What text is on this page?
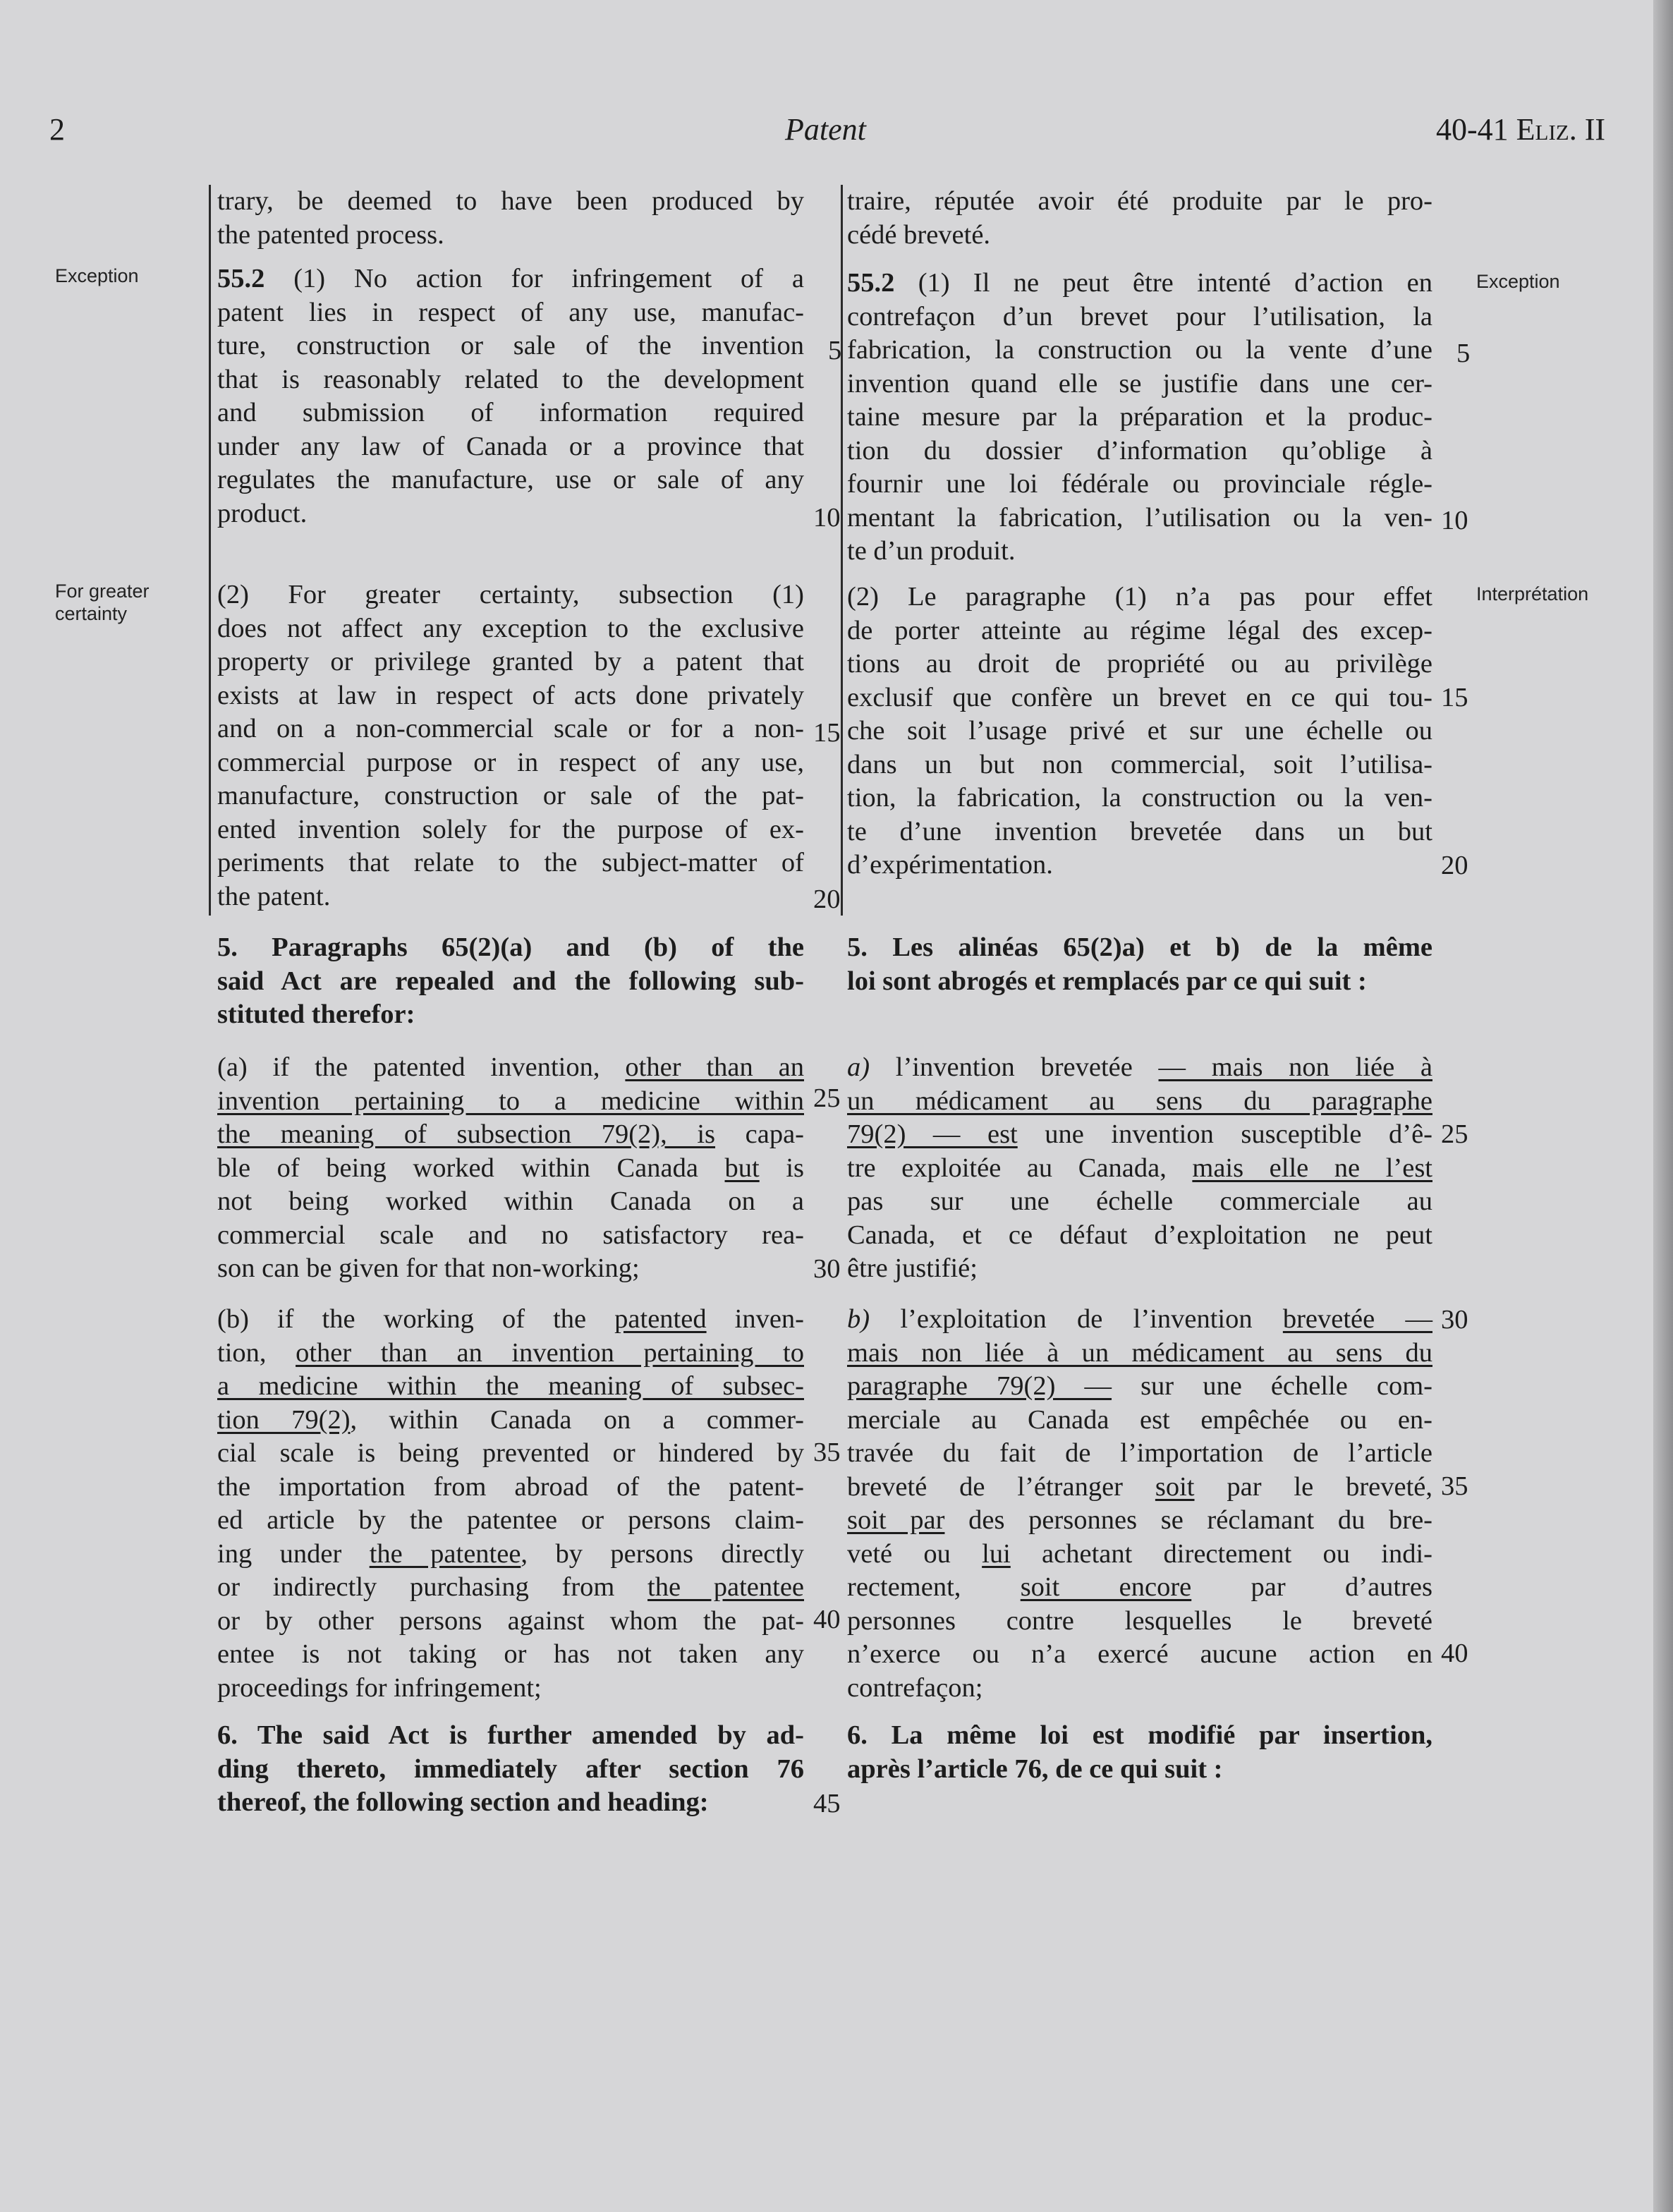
2	Patent	40-41 Eliz. II
Exception
For greater
certainty
Exception
Interprétation
5
10
15
20
25
30
35
40
45
5
10
15
20
25
30
35
40

trary, be deemed to have been produced by

the patented process.

55.2 (1) No action for infringement of a

patent lies in respect of any use, manufac-

ture, construction or sale of the invention

that is reasonably related to the development

and submission of information required

under any law of Canada or a province that

regulates the manufacture, use or sale of any

product.

(2) For greater certainty, subsection (1)

does not affect any exception to the exclusive

property or privilege granted by a patent that

exists at law in respect of acts done privately

and on a non-commercial scale or for a non-

commercial purpose or in respect of any use,

manufacture, construction or sale of the pat-

ented invention solely for the purpose of ex-

periments that relate to the subject-matter of

the patent.

5. Paragraphs 65(2)(a) and (b) of the

said Act are repealed and the following sub-

stituted therefor:

(a) if the patented invention, other than an

invention pertaining to a medicine within

the meaning of subsection 79(2), is capa-

ble of being worked within Canada but is

not being worked within Canada on a

commercial scale and no satisfactory rea-

son can be given for that non-working;

(b) if the working of the patented inven-

tion, other than an invention pertaining to

a medicine within the meaning of subsec-

tion 79(2), within Canada on a commer-

cial scale is being prevented or hindered by

the importation from abroad of the patent-

ed article by the patentee or persons claim-

ing under the patentee, by persons directly

or indirectly purchasing from the patentee

or by other persons against whom the pat-

entee is not taking or has not taken any

proceedings for infringement;

6. The said Act is further amended by ad-

ding thereto, immediately after section 76

thereof, the following section and heading:

traire, réputée avoir été produite par le pro-

cédé breveté.

55.2 (1) Il ne peut être intenté d’action en

contrefaçon d’un brevet pour l’utilisation, la

fabrication, la construction ou la vente d’une

invention quand elle se justifie dans une cer-

taine mesure par la préparation et la produc-

tion du dossier d’information qu’oblige à

fournir une loi fédérale ou provinciale régle-

mentant la fabrication, l’utilisation ou la ven-

te d’un produit.

(2) Le paragraphe (1) n’a pas pour effet

de porter atteinte au régime légal des excep-

tions au droit de propriété ou au privilège

exclusif que confère un brevet en ce qui tou-

che soit l’usage privé et sur une échelle ou

dans un but non commercial, soit l’utilisa-

tion, la fabrication, la construction ou la ven-

te d’une invention brevetée dans un but

d’expérimentation.

5. Les alinéas 65(2)a) et b) de la même

loi sont abrogés et remplacés par ce qui suit :

a) l’invention brevetée — mais non liée à

un médicament au sens du paragraphe

79(2) — est une invention susceptible d’ê-

tre exploitée au Canada, mais elle ne l’est

pas sur une échelle commerciale au

Canada, et ce défaut d’exploitation ne peut

être justifié;

b) l’exploitation de l’invention brevetée —

mais non liée à un médicament au sens du

paragraphe 79(2) — sur une échelle com-

merciale au Canada est empêchée ou en-

travée du fait de l’importation de l’article

breveté de l’étranger soit par le breveté,

soit par des personnes se réclamant du bre-

veté ou lui achetant directement ou indi-

rectement, soit encore par d’autres

personnes contre lesquelles le breveté

n’exerce ou n’a exercé aucune action en

contrefaçon;

6. La même loi est modifié par insertion,

après l’article 76, de ce qui suit :
